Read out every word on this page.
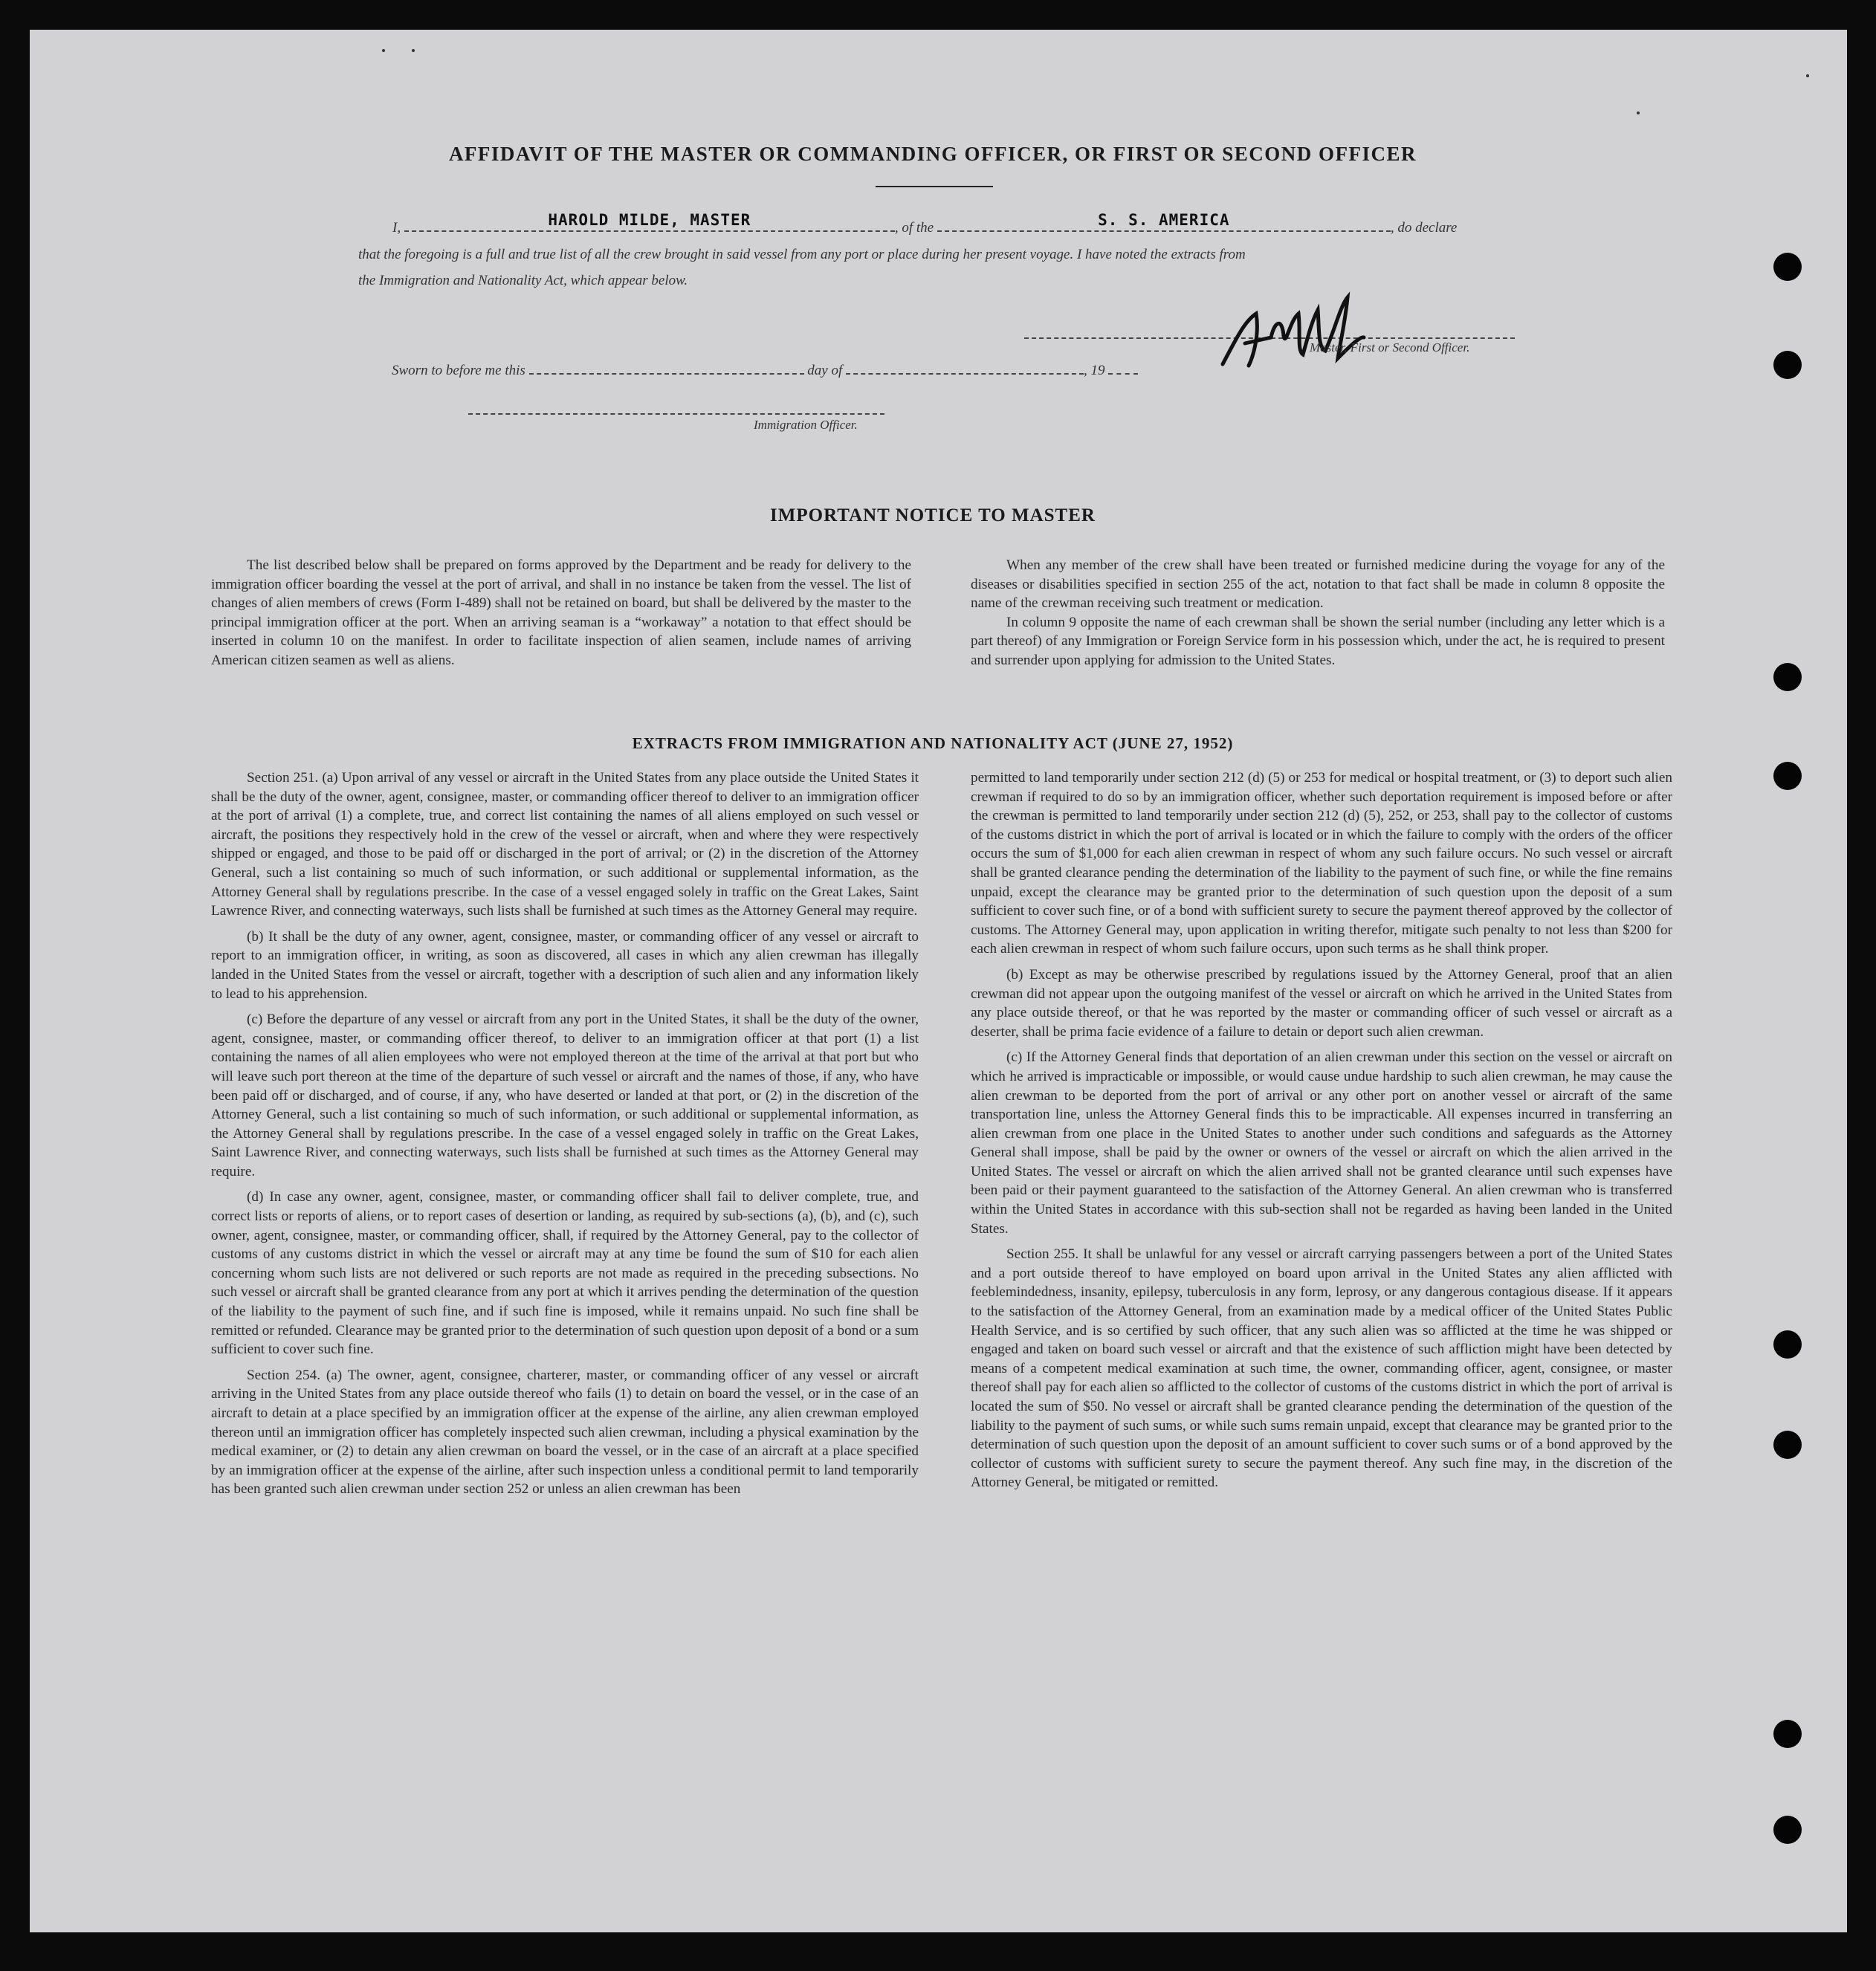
AFFIDAVIT OF THE MASTER OR COMMANDING OFFICER, OR FIRST OR SECOND OFFICER
I,	HAROLD MILDE, MASTER	, of the	S. S. AMERICA	, do declare
that the foregoing is a full and true list of all the crew brought in said vessel from any port or place during her present voyage. I have noted the extracts from
the Immigration and Nationality Act, which appear below.
Master, First or Second Officer.
Sworn to before me this	day of	, 19
Immigration Officer.
IMPORTANT NOTICE TO MASTER

The list described below shall be prepared on forms approved by the Department and be ready for delivery to the immigration officer boarding the vessel at the port of arrival, and shall in no instance be taken from the vessel. The list of changes of alien members of crews (Form I-489) shall not be retained on board, but shall be delivered by the master to the principal immigration officer at the port. When an arriving seaman is a “workaway” a notation to that effect should be inserted in column 10 on the manifest. In order to facilitate inspection of alien seamen, include names of arriving American citizen seamen as well as aliens.

When any member of the crew shall have been treated or furnished medicine during the voyage for any of the diseases or disabilities specified in section 255 of the act, notation to that fact shall be made in column 8 opposite the name of the crewman receiving such treatment or medication.

In column 9 opposite the name of each crewman shall be shown the serial number (including any letter which is a part thereof) of any Immigration or Foreign Service form in his possession which, under the act, he is required to present and surrender upon applying for admission to the United States.

EXTRACTS FROM IMMIGRATION AND NATIONALITY ACT (JUNE 27, 1952)

Section 251. (a) Upon arrival of any vessel or aircraft in the United States from any place outside the United States it shall be the duty of the owner, agent, consignee, master, or commanding officer thereof to deliver to an immigration officer at the port of arrival (1) a complete, true, and correct list containing the names of all aliens employed on such vessel or aircraft, the positions they respectively hold in the crew of the vessel or aircraft, when and where they were respectively shipped or engaged, and those to be paid off or discharged in the port of arrival; or (2) in the discretion of the Attorney General, such a list containing so much of such information, or such additional or supplemental information, as the Attorney General shall by regulations prescribe. In the case of a vessel engaged solely in traffic on the Great Lakes, Saint Lawrence River, and connecting waterways, such lists shall be furnished at such times as the Attorney General may require.

(b) It shall be the duty of any owner, agent, consignee, master, or commanding officer of any vessel or aircraft to report to an immigration officer, in writing, as soon as discovered, all cases in which any alien crewman has illegally landed in the United States from the vessel or aircraft, together with a description of such alien and any information likely to lead to his apprehension.

(c) Before the departure of any vessel or aircraft from any port in the United States, it shall be the duty of the owner, agent, consignee, master, or commanding officer thereof, to deliver to an immigration officer at that port (1) a list containing the names of all alien employees who were not employed thereon at the time of the arrival at that port but who will leave such port thereon at the time of the departure of such vessel or aircraft and the names of those, if any, who have been paid off or discharged, and of course, if any, who have deserted or landed at that port, or (2) in the discretion of the Attorney General, such a list containing so much of such information, or such additional or supplemental information, as the Attorney General shall by regulations prescribe. In the case of a vessel engaged solely in traffic on the Great Lakes, Saint Lawrence River, and connecting waterways, such lists shall be furnished at such times as the Attorney General may require.

(d) In case any owner, agent, consignee, master, or commanding officer shall fail to deliver complete, true, and correct lists or reports of aliens, or to report cases of desertion or landing, as required by sub-sections (a), (b), and (c), such owner, agent, consignee, master, or commanding officer, shall, if required by the Attorney General, pay to the collector of customs of any customs district in which the vessel or aircraft may at any time be found the sum of $10 for each alien concerning whom such lists are not delivered or such reports are not made as required in the preceding subsections. No such vessel or aircraft shall be granted clearance from any port at which it arrives pending the determination of the question of the liability to the payment of such fine, and if such fine is imposed, while it remains unpaid. No such fine shall be remitted or refunded. Clearance may be granted prior to the determination of such question upon deposit of a bond or a sum sufficient to cover such fine.

Section 254. (a) The owner, agent, consignee, charterer, master, or commanding officer of any vessel or aircraft arriving in the United States from any place outside thereof who fails (1) to detain on board the vessel, or in the case of an aircraft to detain at a place specified by an immigration officer at the expense of the airline, any alien crewman employed thereon until an immigration officer has completely inspected such alien crewman, including a physical examination by the medical examiner, or (2) to detain any alien crewman on board the vessel, or in the case of an aircraft at a place specified by an immigration officer at the expense of the airline, after such inspection unless a conditional permit to land temporarily has been granted such alien crewman under section 252 or unless an alien crewman has been

permitted to land temporarily under section 212 (d) (5) or 253 for medical or hospital treatment, or (3) to deport such alien crewman if required to do so by an immigration officer, whether such deportation requirement is imposed before or after the crewman is permitted to land temporarily under section 212 (d) (5), 252, or 253, shall pay to the collector of customs of the customs district in which the port of arrival is located or in which the failure to comply with the orders of the officer occurs the sum of $1,000 for each alien crewman in respect of whom any such failure occurs. No such vessel or aircraft shall be granted clearance pending the determination of the liability to the payment of such fine, or while the fine remains unpaid, except the clearance may be granted prior to the determination of such question upon the deposit of a sum sufficient to cover such fine, or of a bond with sufficient surety to secure the payment thereof approved by the collector of customs. The Attorney General may, upon application in writing therefor, mitigate such penalty to not less than $200 for each alien crewman in respect of whom such failure occurs, upon such terms as he shall think proper.

(b) Except as may be otherwise prescribed by regulations issued by the Attorney General, proof that an alien crewman did not appear upon the outgoing manifest of the vessel or aircraft on which he arrived in the United States from any place outside thereof, or that he was reported by the master or commanding officer of such vessel or aircraft as a deserter, shall be prima facie evidence of a failure to detain or deport such alien crewman.

(c) If the Attorney General finds that deportation of an alien crewman under this section on the vessel or aircraft on which he arrived is impracticable or impossible, or would cause undue hardship to such alien crewman, he may cause the alien crewman to be deported from the port of arrival or any other port on another vessel or aircraft of the same transportation line, unless the Attorney General finds this to be impracticable. All expenses incurred in transferring an alien crewman from one place in the United States to another under such conditions and safeguards as the Attorney General shall impose, shall be paid by the owner or owners of the vessel or aircraft on which the alien arrived in the United States. The vessel or aircraft on which the alien arrived shall not be granted clearance until such expenses have been paid or their payment guaranteed to the satisfaction of the Attorney General. An alien crewman who is transferred within the United States in accordance with this sub-section shall not be regarded as having been landed in the United States.

Section 255. It shall be unlawful for any vessel or aircraft carrying passengers between a port of the United States and a port outside thereof to have employed on board upon arrival in the United States any alien afflicted with feeblemindedness, insanity, epilepsy, tuberculosis in any form, leprosy, or any dangerous contagious disease. If it appears to the satisfaction of the Attorney General, from an examination made by a medical officer of the United States Public Health Service, and is so certified by such officer, that any such alien was so afflicted at the time he was shipped or engaged and taken on board such vessel or aircraft and that the existence of such affliction might have been detected by means of a competent medical examination at such time, the owner, commanding officer, agent, consignee, or master thereof shall pay for each alien so afflicted to the collector of customs of the customs district in which the port of arrival is located the sum of $50. No vessel or aircraft shall be granted clearance pending the determination of the question of the liability to the payment of such sums, or while such sums remain unpaid, except that clearance may be granted prior to the determination of such question upon the deposit of an amount sufficient to cover such sums or of a bond approved by the collector of customs with sufficient surety to secure the payment thereof. Any such fine may, in the discretion of the Attorney General, be mitigated or remitted.
